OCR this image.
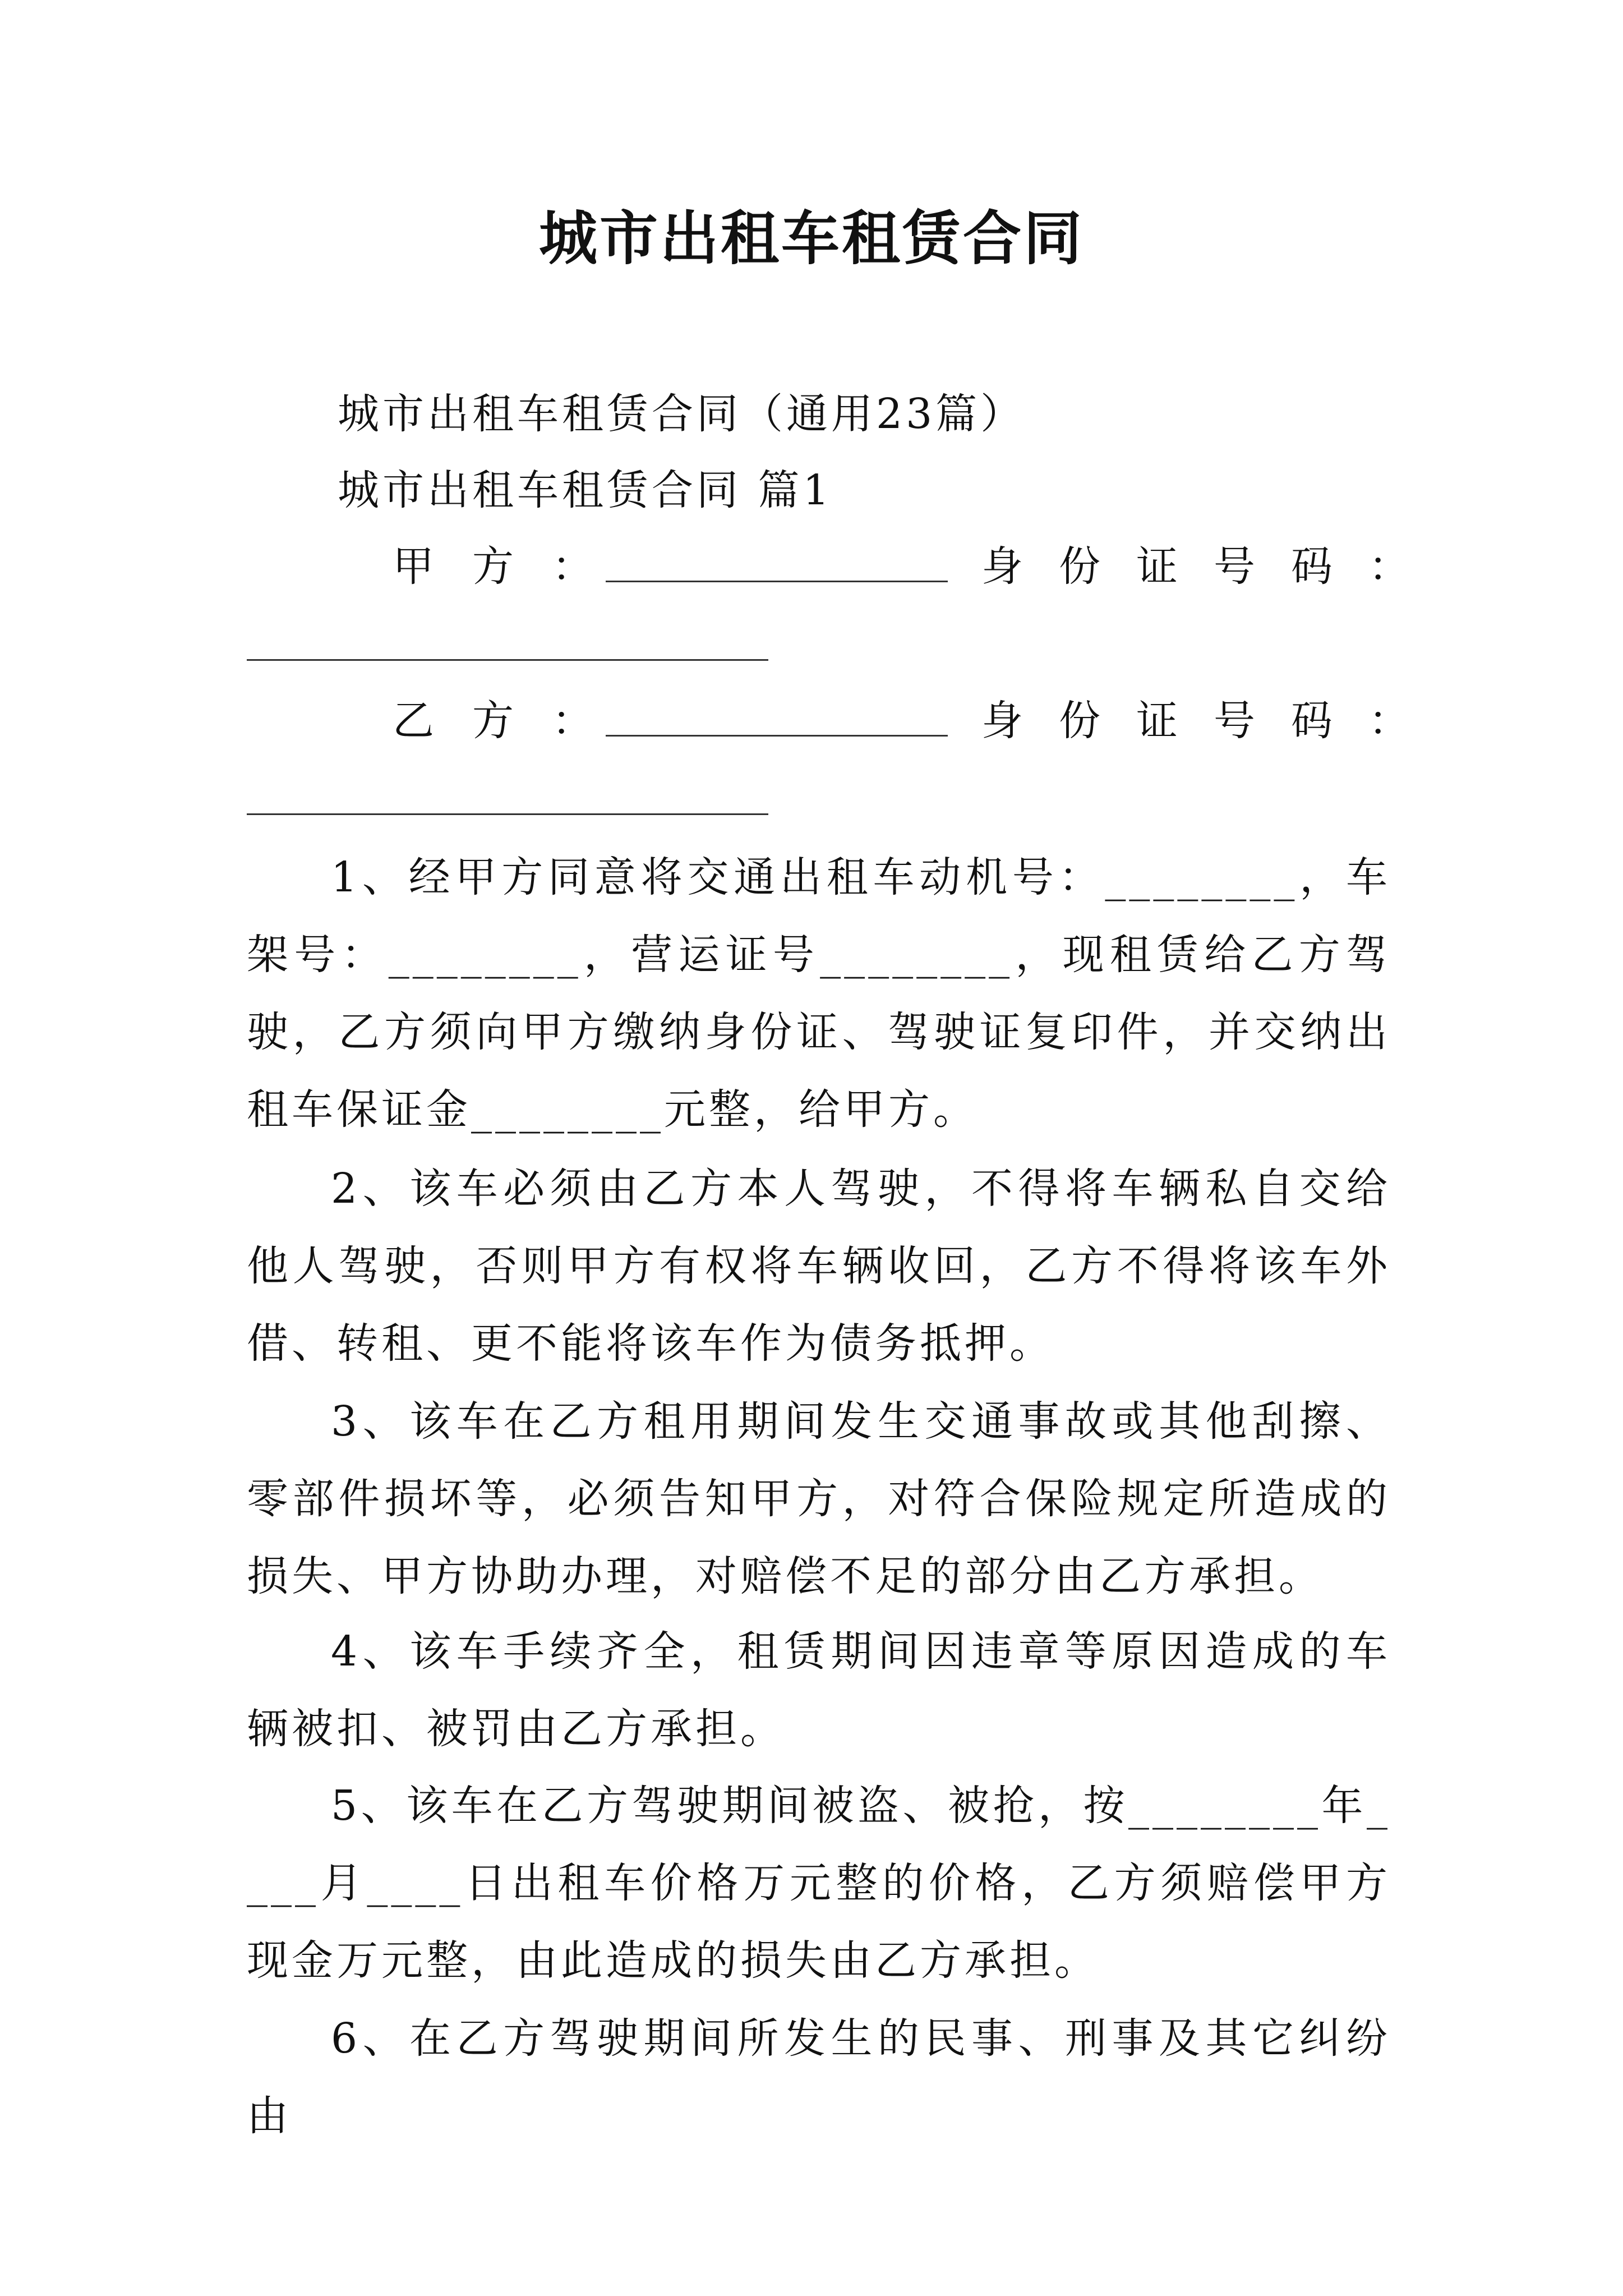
城市出租车租赁合同
城市出租车租赁合同（通用23篇）
城市出租车租赁合同 篇1
甲方：	身份证号码：
乙方：	身份证号码：

1、经甲方同意将交通出租车动机号：________，车架号：________，营运证号________，现租赁给乙方驾驶，乙方须向甲方缴纳身份证、驾驶证复印件，并交纳出租车保证金________元整，给甲方。

2、该车必须由乙方本人驾驶，不得将车辆私自交给他人驾驶，否则甲方有权将车辆收回，乙方不得将该车外借、转租、更不能将该车作为债务抵押。

3、该车在乙方租用期间发生交通事故或其他刮擦、零部件损坏等，必须告知甲方，对符合保险规定所造成的损失、甲方协助办理，对赔偿不足的部分由乙方承担。

4、该车手续齐全，租赁期间因违章等原因造成的车辆被扣、被罚由乙方承担。

5、该车在乙方驾驶期间被盗、被抢，按________年____月____日出租车价格万元整的价格，乙方须赔偿甲方现金万元整，由此造成的损失由乙方承担。

6、在乙方驾驶期间所发生的民事、刑事及其它纠纷由
